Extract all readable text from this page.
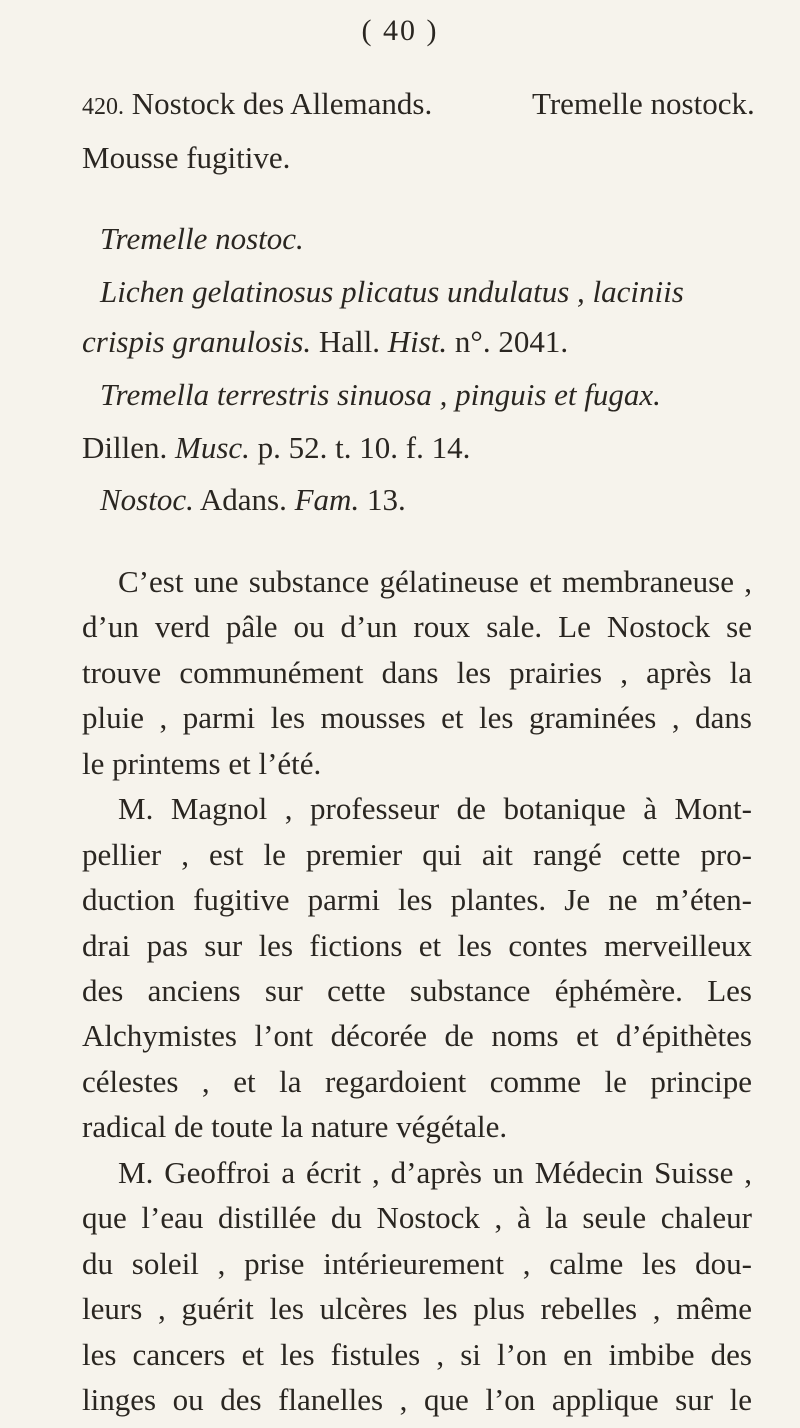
( 40 )
420. Nostock des Allemands.	Tremelle nostock.
Mousse fugitive.
Tremelle nostoc.
Lichen gelatinosus plicatus undulatus , laciniis
crispis granulosis. Hall. Hist. n°. 2041.
Tremella terrestris sinuosa , pinguis et fugax.
Dillen. Musc. p. 52. t. 10. f. 14.
Nostoc. Adans. Fam. 13.
C’est une substance gélatineuse et membraneuse ,
d’un verd pâle ou d’un roux sale. Le Nostock se
trouve communément dans les prairies , après la
pluie , parmi les mousses et les graminées , dans
le printems et l’été.
M. Magnol , professeur de botanique à Mont-
pellier , est le premier qui ait rangé cette pro-
duction fugitive parmi les plantes. Je ne m’éten-
drai pas sur les fictions et les contes merveilleux
des anciens sur cette substance éphémère. Les
Alchymistes l’ont décorée de noms et d’épithètes
célestes , et la regardoient comme le principe
radical de toute la nature végétale.
M. Geoffroi a écrit , d’après un Médecin Suisse ,
que l’eau distillée du Nostock , à la seule chaleur
du soleil , prise intérieurement , calme les dou-
leurs , guérit les ulcères les plus rebelles , même
les cancers et les fistules , si l’on en imbibe des
linges ou des flanelles , que l’on applique sur le
